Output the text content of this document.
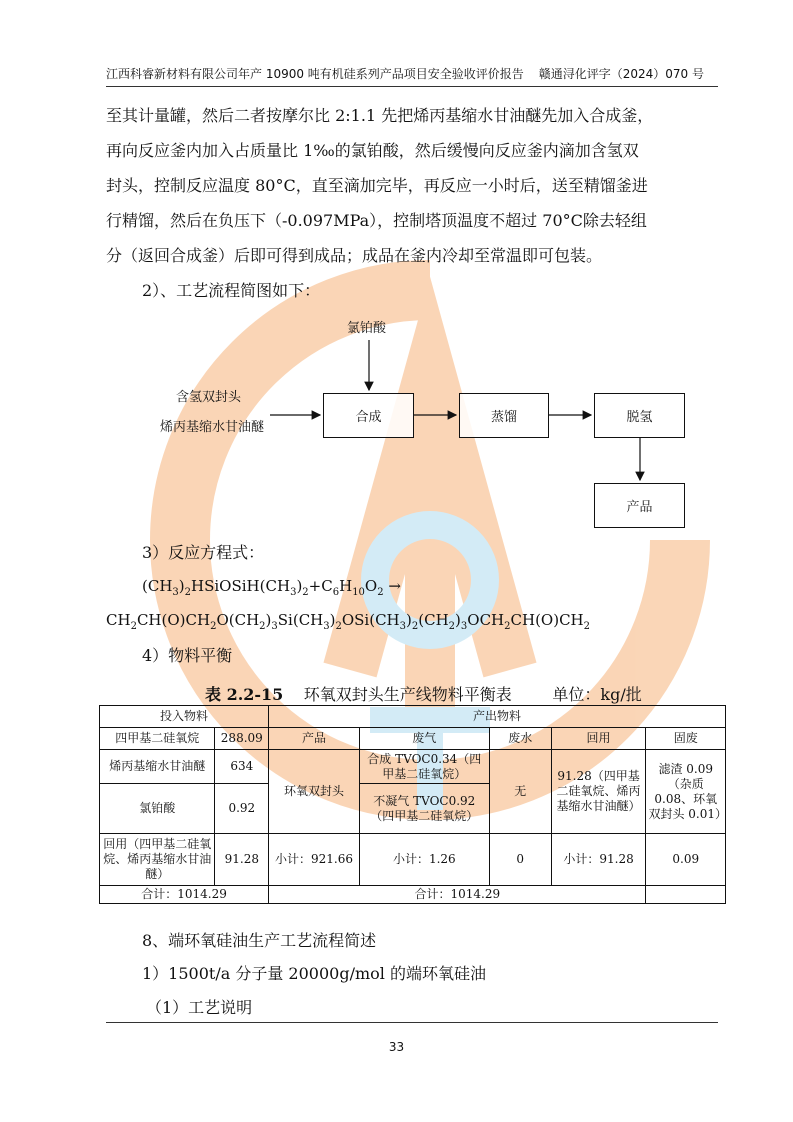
江西科睿新材料有限公司年产 10900 吨有机硅系列产品项目安全验收评价报告 赣通浔化评字（2024）070 号
至其计量罐，然后二者按摩尔比 2:1.1 先把烯丙基缩水甘油醚先加入合成釜，
再向反应釜内加入占质量比 1‰的氯铂酸，然后缓慢向反应釜内滴加含氢双
封头，控制反应温度 80°C，直至滴加完毕，再反应一小时后，送至精馏釜进
行精馏，然后在负压下（-0.097MPa），控制塔顶温度不超过 70°C除去轻组
分（返回合成釜）后即可得到成品；成品在釜内冷却至常温即可包装。
2）、工艺流程简图如下：
氯铂酸
含氢双封头
烯丙基缩水甘油醚
合成	蒸馏	脱氢
产品
3）反应方程式：
$(CH_3)_2HSiOSiH(CH_3)_2+C_6H_{10}O_2$ →
$CH_2CH(O)CH_2O(CH_2)_3Si(CH_3)_2OSi(CH_3)_2(CH_2)_3OCH_2CH(O)CH_2$
4）物料平衡
表 2.2-15 环氧双封头生产线物料平衡表	单位：kg/批
投入物料		产出物料				
四甲基二硅氧烷	288.09	产品	废气	废水	回用	固废
烯丙基缩水甘油醚	634	环氧双封头	合成 TVOC0.34（四甲基二硅氧烷）	无	91.28（四甲基二硅氧烷、烯丙基缩水甘油醚）	滤渣 0.09（杂质 0.08、环氧双封头 0.01）
氯铂酸	0.92		不凝气 TVOC0.92（四甲基二硅氧烷）			
回用（四甲基二硅氧烷、烯丙基缩水甘油醚）	91.28	小计：921.66	小计：1.26	0	小计：91.28	0.09
合计：1014.29		合计：1014.29				
8、端环氧硅油生产工艺流程简述
1）1500t/a 分子量 20000g/mol 的端环氧硅油
（1）工艺说明
33
